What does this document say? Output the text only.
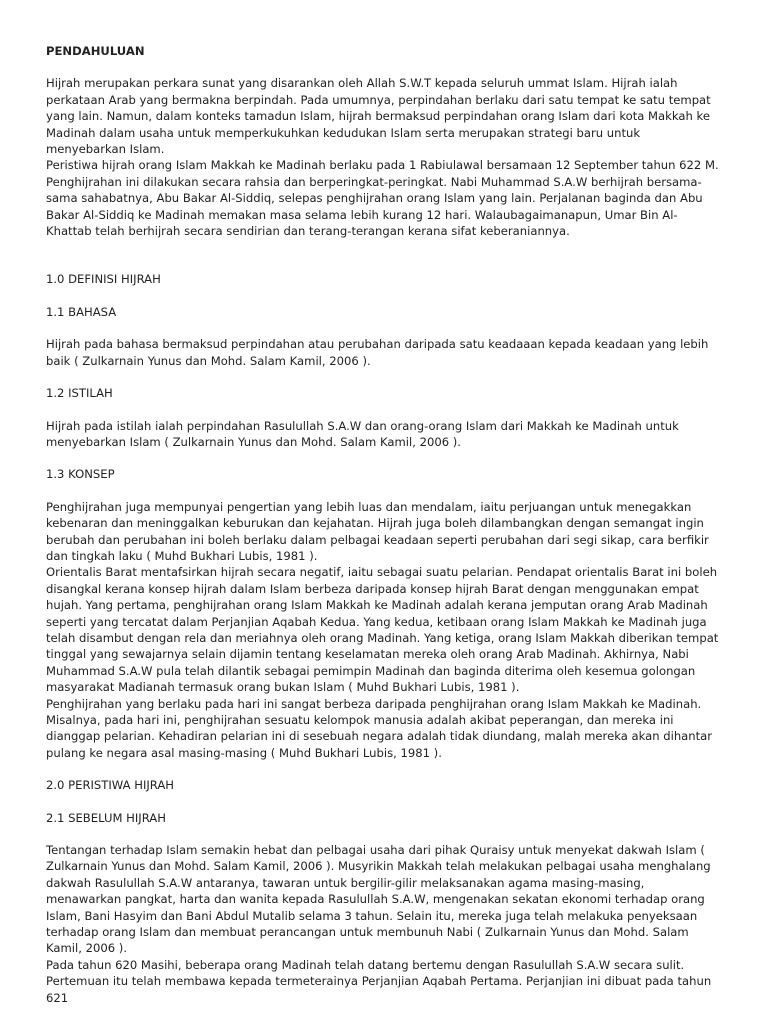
PENDAHULUAN

Hijrah merupakan perkara sunat yang disarankan oleh Allah S.W.T kepada seluruh ummat Islam. Hijrah ialah perkataan Arab yang bermakna berpindah. Pada umumnya, perpindahan berlaku dari satu tempat ke satu tempat yang lain. Namun, dalam konteks tamadun Islam, hijrah bermaksud perpindahan orang Islam dari kota Makkah ke Madinah dalam usaha untuk memperkukuhkan kedudukan Islam serta merupakan strategi baru untuk menyebarkan Islam.

Peristiwa hijrah orang Islam Makkah ke Madinah berlaku pada 1 Rabiulawal bersamaan 12 September tahun 622 M. Penghijrahan ini dilakukan secara rahsia dan berperingkat-peringkat. Nabi Muhammad S.A.W berhijrah bersama-sama sahabatnya, Abu Bakar Al-Siddiq, selepas penghijrahan orang Islam yang lain. Perjalanan baginda dan Abu Bakar Al-Siddiq ke Madinah memakan masa selama lebih kurang 12 hari. Walaubagaimanapun, Umar Bin Al-Khattab telah berhijrah secara sendirian dan terang-terangan kerana sifat keberaniannya.

1.0 DEFINISI HIJRAH

1.1 BAHASA

Hijrah pada bahasa bermaksud perpindahan atau perubahan daripada satu keadaaan kepada keadaan yang lebih baik ( Zulkarnain Yunus dan Mohd. Salam Kamil, 2006 ).

1.2 ISTILAH

Hijrah pada istilah ialah perpindahan Rasulullah S.A.W dan orang-orang Islam dari Makkah ke Madinah untuk menyebarkan Islam ( Zulkarnain Yunus dan Mohd. Salam Kamil, 2006 ).

1.3 KONSEP

Penghijrahan juga mempunyai pengertian yang lebih luas dan mendalam, iaitu perjuangan untuk menegakkan kebenaran dan meninggalkan keburukan dan kejahatan. Hijrah juga boleh dilambangkan dengan semangat ingin berubah dan perubahan ini boleh berlaku dalam pelbagai keadaan seperti perubahan dari segi sikap, cara berfikir dan tingkah laku ( Muhd Bukhari Lubis, 1981 ).

Orientalis Barat mentafsirkan hijrah secara negatif, iaitu sebagai suatu pelarian. Pendapat orientalis Barat ini boleh disangkal kerana konsep hijrah dalam Islam berbeza daripada konsep hijrah Barat dengan menggunakan empat hujah. Yang pertama, penghijrahan orang Islam Makkah ke Madinah adalah kerana jemputan orang Arab Madinah seperti yang tercatat dalam Perjanjian Aqabah Kedua. Yang kedua, ketibaan orang Islam Makkah ke Madinah juga telah disambut dengan rela dan meriahnya oleh orang Madinah. Yang ketiga, orang Islam Makkah diberikan tempat tinggal yang sewajarnya selain dijamin tentang keselamatan mereka oleh orang Arab Madinah. Akhirnya, Nabi Muhammad S.A.W pula telah dilantik sebagai pemimpin Madinah dan baginda diterima oleh kesemua golongan masyarakat Madianah termasuk orang bukan Islam ( Muhd Bukhari Lubis, 1981 ).

Penghijrahan yang berlaku pada hari ini sangat berbeza daripada penghijrahan orang Islam Makkah ke Madinah. Misalnya, pada hari ini, penghijrahan sesuatu kelompok manusia adalah akibat peperangan, dan mereka ini dianggap pelarian. Kehadiran pelarian ini di sesebuah negara adalah tidak diundang, malah mereka akan dihantar pulang ke negara asal masing-masing ( Muhd Bukhari Lubis, 1981 ).

2.0 PERISTIWA HIJRAH

2.1 SEBELUM HIJRAH

Tentangan terhadap Islam semakin hebat dan pelbagai usaha dari pihak Quraisy untuk menyekat dakwah Islam ( Zulkarnain Yunus dan Mohd. Salam Kamil, 2006 ). Musyrikin Makkah telah melakukan pelbagai usaha menghalang dakwah Rasulullah S.A.W antaranya, tawaran untuk bergilir-gilir melaksanakan agama masing-masing, menawarkan pangkat, harta dan wanita kepada Rasulullah S.A.W, mengenakan sekatan ekonomi terhadap orang Islam, Bani Hasyim dan Bani Abdul Mutalib selama 3 tahun. Selain itu, mereka juga telah melakuka penyeksaan terhadap orang Islam dan membuat perancangan untuk membunuh Nabi ( Zulkarnain Yunus dan Mohd. Salam Kamil, 2006 ).

Pada tahun 620 Masihi, beberapa orang Madinah telah datang bertemu dengan Rasulullah S.A.W secara sulit. Pertemuan itu telah membawa kepada termeterainya Perjanjian Aqabah Pertama. Perjanjian ini dibuat pada tahun 621
